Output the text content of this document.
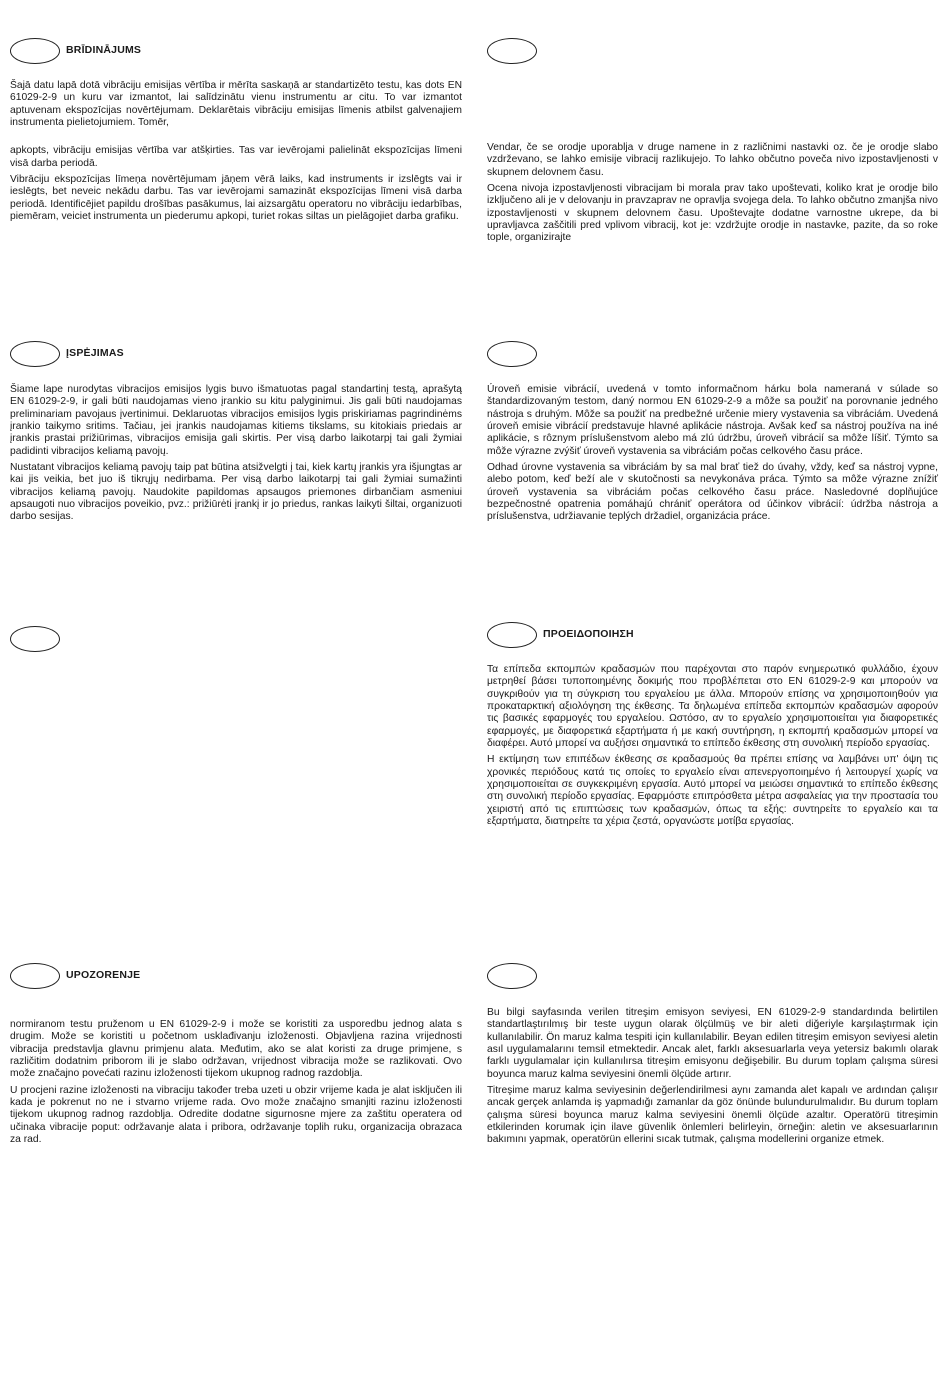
BRĪDINĀJUMS

Šajā datu lapā dotā vibrāciju emisijas vērtība ir mērīta saskaņā ar standartizēto testu, kas dots EN 61029-2-9 un kuru var izmantot, lai salīdzinātu vienu instrumentu ar citu. To var izmantot aptuvenam ekspozīcijas novērtējumam. Deklarētais vibrāciju emisijas līmenis atbilst galvenajiem instrumenta pielietojumiem. Tomēr,

apkopts, vibrāciju emisijas vērtība var atšķirties. Tas var ievērojami palielināt ekspozīcijas līmeni visā darba periodā.

Vibrāciju ekspozīcijas līmeņa novērtējumam jāņem vērā laiks, kad instruments ir izslēgts vai ir ieslēgts, bet neveic nekādu darbu. Tas var ievērojami samazināt ekspozīcijas līmeni visā darba periodā. Identificējiet papildu drošības pasākumus, lai aizsargātu operatoru no vibrāciju iedarbības, piemēram, veiciet instrumenta un piederumu apkopi, turiet rokas siltas un pielāgojiet darba grafiku.

Vendar, če se orodje uporablja v druge namene in z različnimi nastavki oz. če je orodje slabo vzdrževano, se lahko emisije vibracij razlikujejo. To lahko občutno poveča nivo izpostavljenosti v skupnem delovnem času.

Ocena nivoja izpostavljenosti vibracijam bi morala prav tako upoštevati, koliko krat je orodje bilo izključeno ali je v delovanju in pravzaprav ne opravlja svojega dela. To lahko občutno zmanjša nivo izpostavljenosti v skupnem delovnem času. Upoštevajte dodatne varnostne ukrepe, da bi upravljavca zaščitili pred vplivom vibracij, kot je: vzdržujte orodje in nastavke, pazite, da so roke tople, organizirajte

ĮSPĖJIMAS

Šiame lape nurodytas vibracijos emisijos lygis buvo išmatuotas pagal standartinį testą, aprašytą EN 61029-2-9, ir gali būti naudojamas vieno įrankio su kitu palyginimui. Jis gali būti naudojamas preliminariam pavojaus įvertinimui. Deklaruotas vibracijos emisijos lygis priskiriamas pagrindinėms įrankio taikymo sritims. Tačiau, jei įrankis naudojamas kitiems tikslams, su kitokiais priedais ar įrankis prastai prižiūrimas, vibracijos emisija gali skirtis. Per visą darbo laikotarpį tai gali žymiai padidinti vibracijos keliamą pavojų.

Nustatant vibracijos keliamą pavojų taip pat būtina atsižvelgti į tai, kiek kartų įrankis yra išjungtas ar kai jis veikia, bet juo iš tikrųjų nedirbama. Per visą darbo laikotarpį tai gali žymiai sumažinti vibracijos keliamą pavojų. Naudokite papildomas apsaugos priemones dirbančiam asmeniui apsaugoti nuo vibracijos poveikio, pvz.: prižiūrėti įrankį ir jo priedus, rankas laikyti šiltai, organizuoti darbo sesijas.

Úroveň emisie vibrácií, uvedená v tomto informačnom hárku bola nameraná v súlade so štandardizovaným testom, daný normou EN 61029-2-9 a môže sa použiť na porovnanie jedného nástroja s druhým. Môže sa použiť na predbežné určenie miery vystavenia sa vibráciám. Uvedená úroveň emisie vibrácií predstavuje hlavné aplikácie nástroja. Avšak keď sa nástroj používa na iné aplikácie, s rôznym príslušenstvom alebo má zlú údržbu, úroveň vibrácií sa môže líšiť. Týmto sa môže výrazne zvýšiť úroveň vystavenia sa vibráciám počas celkového času práce.

Odhad úrovne vystavenia sa vibráciám by sa mal brať tiež do úvahy, vždy, keď sa nástroj vypne, alebo potom, keď beží ale v skutočnosti sa nevykonáva práca. Týmto sa môže výrazne znížiť úroveň vystavenia sa vibráciám počas celkového času práce. Nasledovné doplňujúce bezpečnostné opatrenia pomáhajú chrániť operátora od účinkov vibrácií: údržba nástroja a príslušenstva, udržiavanie teplých držadiel, organizácia práce.

ΠΡΟΕΙΔΟΠΟΙΗΣΗ

Τα επίπεδα εκπομπών κραδασμών που παρέχονται στο παρόν ενημερωτικό φυλλάδιο, έχουν μετρηθεί βάσει τυποποιημένης δοκιμής που προβλέπεται στο EN 61029-2-9 και μπορούν να συγκριθούν για τη σύγκριση του εργαλείου με άλλα. Μπορούν επίσης να χρησιμοποιηθούν για προκαταρκτική αξιολόγηση της έκθεσης. Τα δηλωμένα επίπεδα εκπομπών κραδασμών αφορούν τις βασικές εφαρμογές του εργαλείου. Ωστόσο, αν το εργαλείο χρησιμοποιείται για διαφορετικές εφαρμογές, με διαφορετικά εξαρτήματα ή με κακή συντήρηση, η εκπομπή κραδασμών μπορεί να διαφέρει. Αυτό μπορεί να αυξήσει σημαντικά το επίπεδο έκθεσης στη συνολική περίοδο εργασίας.

Η εκτίμηση των επιπέδων έκθεσης σε κραδασμούς θα πρέπει επίσης να λαμβάνει υπ' όψη τις χρονικές περιόδους κατά τις οποίες το εργαλείο είναι απενεργοποιημένο ή λειτουργεί χωρίς να χρησιμοποιείται σε συγκεκριμένη εργασία. Αυτό μπορεί να μειώσει σημαντικά το επίπεδο έκθεσης στη συνολική περίοδο εργασίας. Εφαρμόστε επιπρόσθετα μέτρα ασφαλείας για την προστασία του χειριστή από τις επιπτώσεις των κραδασμών, όπως τα εξής: συντηρείτε το εργαλείο και τα εξαρτήματα, διατηρείτε τα χέρια ζεστά, οργανώστε μοτίβα εργασίας.

UPOZORENJE

normiranom testu pruženom u EN 61029-2-9 i može se koristiti za usporedbu jednog alata s drugim. Može se koristiti u početnom usklađivanju izloženosti. Objavljena razina vrijednosti vibracija predstavlja glavnu primjenu alata. Međutim, ako se alat koristi za druge primjene, s različitim dodatnim priborom ili je slabo održavan, vrijednost vibracija može se razlikovati. Ovo može značajno povećati razinu izloženosti tijekom ukupnog radnog razdoblja.

U procjeni razine izloženosti na vibraciju također treba uzeti u obzir vrijeme kada je alat isključen ili kada je pokrenut no ne i stvarno vrijeme rada. Ovo može značajno smanjiti razinu izloženosti tijekom ukupnog radnog razdoblja. Odredite dodatne sigurnosne mjere za zaštitu operatera od učinaka vibracije poput: održavanje alata i pribora, održavanje toplih ruku, organizacija obrazaca za rad.

Bu bilgi sayfasında verilen titreşim emisyon seviyesi, EN 61029-2-9 standardında belirtilen standartlaştırılmış bir teste uygun olarak ölçülmüş ve bir aleti diğeriyle karşılaştırmak için kullanılabilir. Ön maruz kalma tespiti için kullanılabilir. Beyan edilen titreşim emisyon seviyesi aletin asıl uygulamalarını temsil etmektedir. Ancak alet, farklı aksesuarlarla veya yetersiz bakımlı olarak farklı uygulamalar için kullanılırsa titreşim emisyonu değişebilir. Bu durum toplam çalışma süresi boyunca maruz kalma seviyesini önemli ölçüde artırır.

Titreşime maruz kalma seviyesinin değerlendirilmesi aynı zamanda alet kapalı ve ardından çalışır ancak gerçek anlamda iş yapmadığı zamanlar da göz önünde bulundurulmalıdır. Bu durum toplam çalışma süresi boyunca maruz kalma seviyesini önemli ölçüde azaltır. Operatörü titreşimin etkilerinden korumak için ilave güvenlik önlemleri belirleyin, örneğin: aletin ve aksesuarlarının bakımını yapmak, operatörün ellerini sıcak tutmak, çalışma modellerini organize etmek.
